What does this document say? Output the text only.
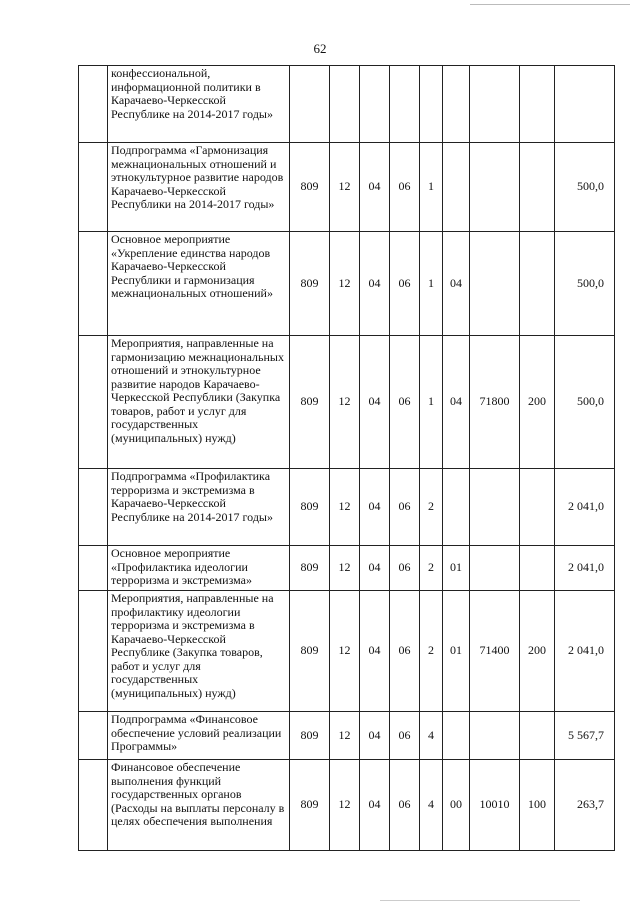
62
	конфессиональной, информационной политики в Карачаево-Черкесской Республике на 2014-2017 годы»									
	Подпрограмма «Гармонизация межнациональных отношений и этнокультурное развитие народов Карачаево-Черкесской Республики на 2014-2017 годы»	809	12	04	06	1				500,0
	Основное мероприятие «Укрепление единства народов Карачаево-Черкесской Республики и гармонизация межнациональных отношений»	809	12	04	06	1	04			500,0
	Мероприятия, направленные на гармонизацию межнациональных отношений и этнокультурное развитие народов Карачаево-Черкесской Республики (Закупка товаров, работ и услуг для государственных (муниципальных) нужд)	809	12	04	06	1	04	71800	200	500,0
	Подпрограмма «Профилактика терроризма и экстремизма в Карачаево-Черкесской Республике на 2014-2017 годы»	809	12	04	06	2				2 041,0
	Основное мероприятие «Профилактика идеологии терроризма и экстремизма»	809	12	04	06	2	01			2 041,0
	Мероприятия, направленные на профилактику идеологии терроризма и экстремизма в Карачаево-Черкесской Республике (Закупка товаров, работ и услуг для государственных (муниципальных) нужд)	809	12	04	06	2	01	71400	200	2 041,0
	Подпрограмма «Финансовое обеспечение условий реализации Программы»	809	12	04	06	4				5 567,7
	Финансовое обеспечение выполнения функций государственных органов (Расходы на выплаты персоналу в целях обеспечения выполнения	809	12	04	06	4	00	10010	100	263,7
